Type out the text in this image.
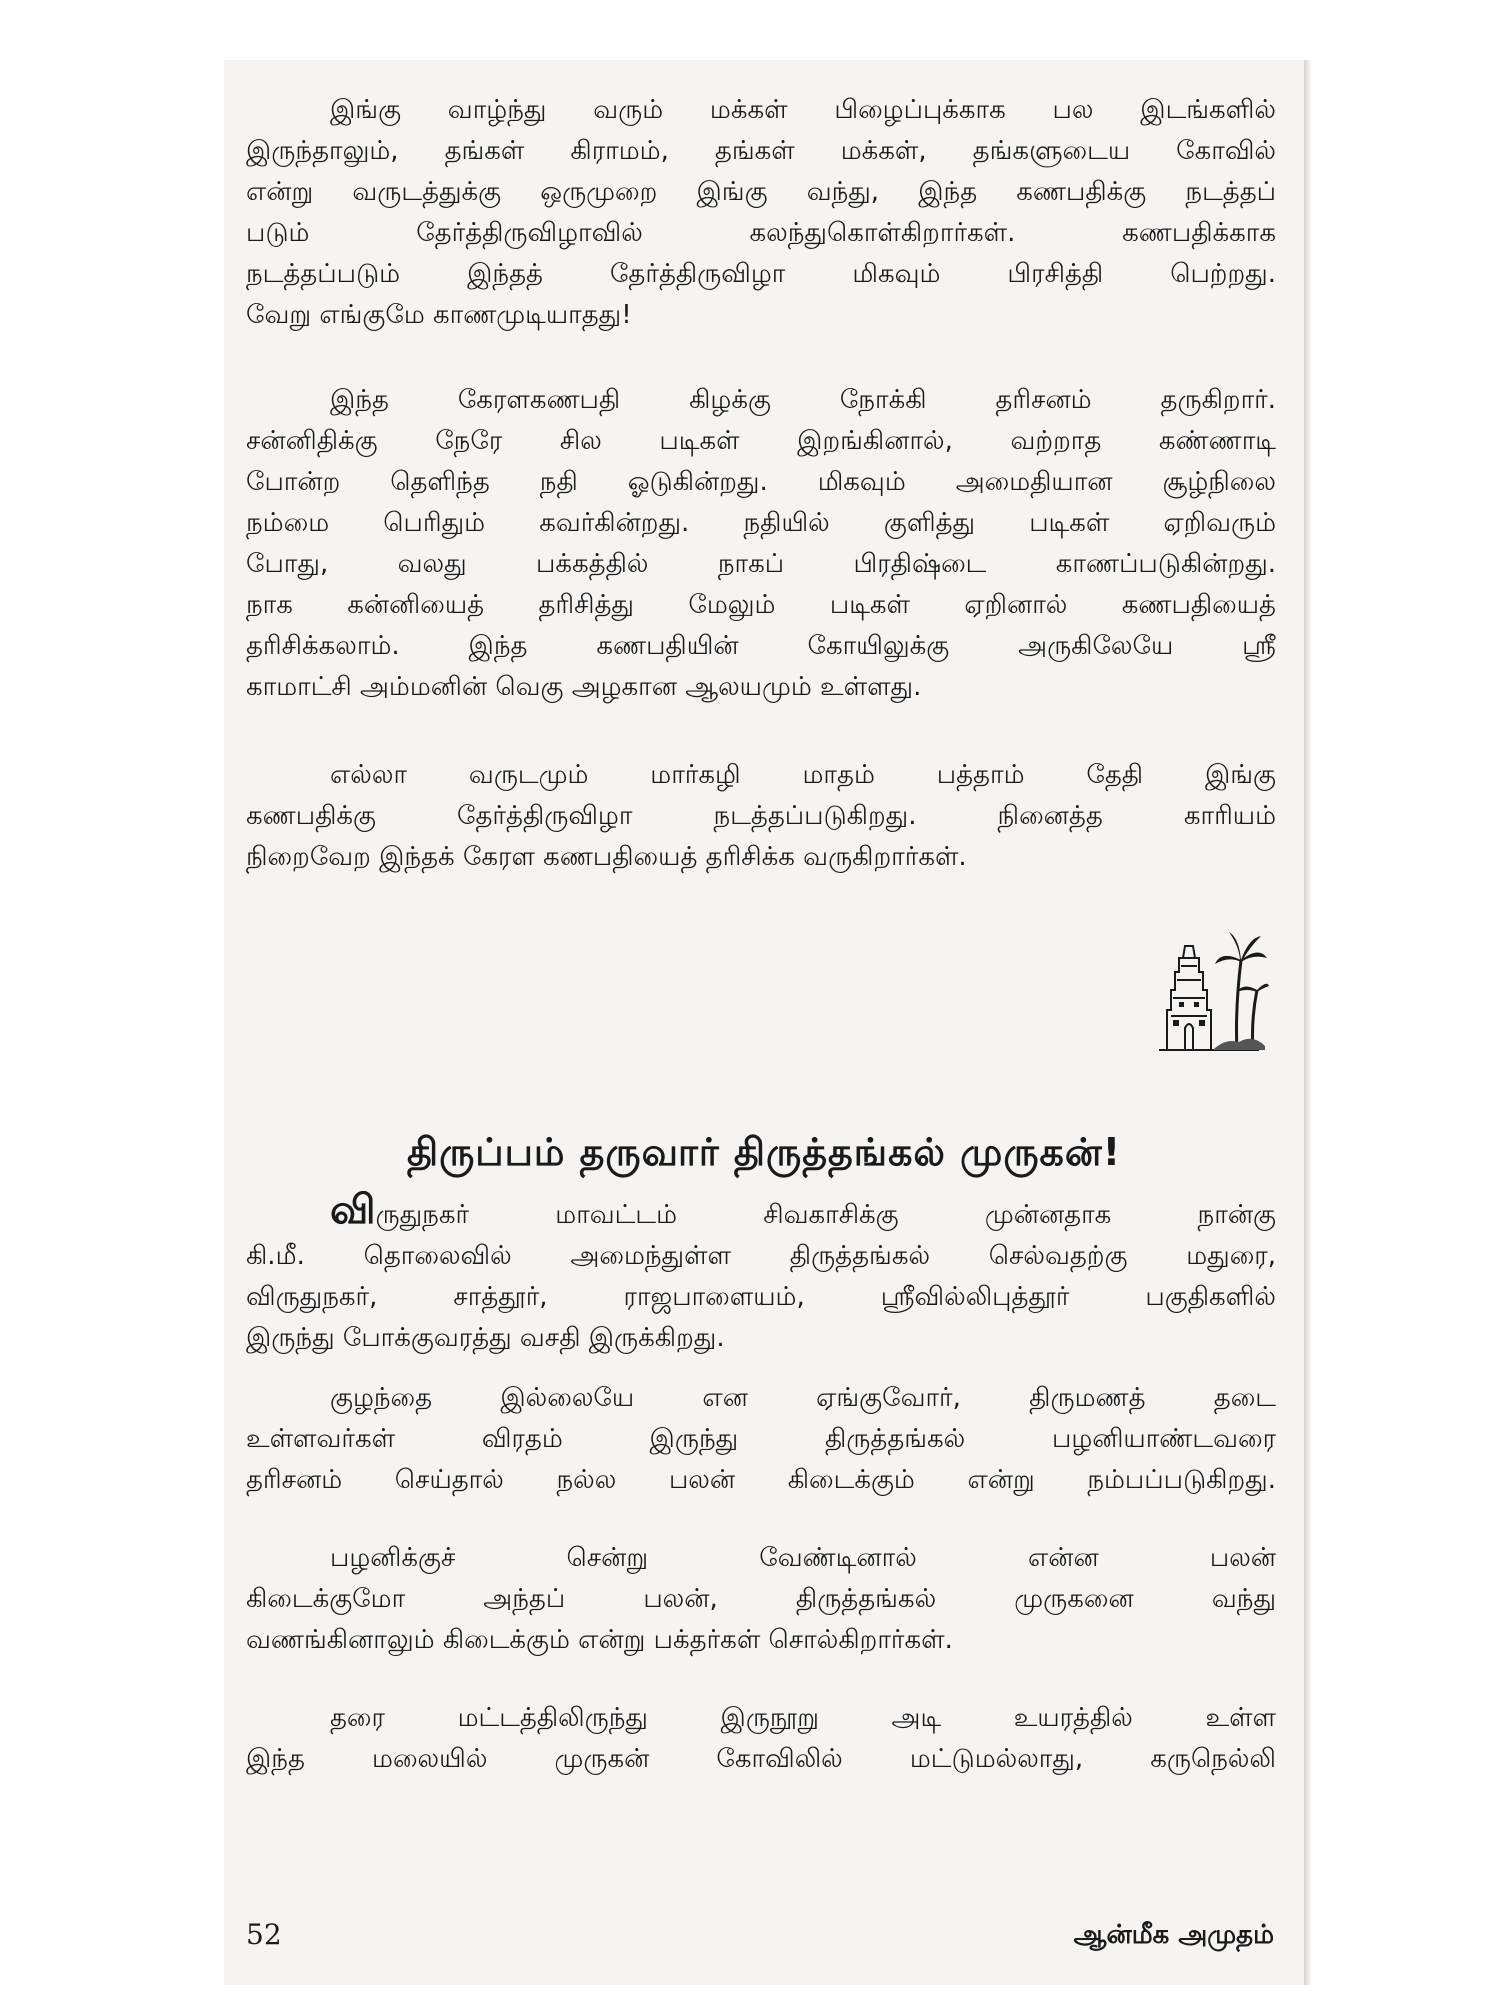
இங்கு வாழ்ந்து வரும் மக்கள் பிழைப்புக்காக பல இடங்களில்
இருந்தாலும், தங்கள் கிராமம், தங்கள் மக்கள், தங்களுடைய கோவில்
என்று வருடத்துக்கு ஒருமுறை இங்கு வந்து, இந்த கணபதிக்கு நடத்தப்
படும் தேர்த்திருவிழாவில் கலந்துகொள்கிறார்கள். கணபதிக்காக
நடத்தப்படும் இந்தத் தேர்த்திருவிழா மிகவும் பிரசித்தி பெற்றது.
வேறு எங்குமே காணமுடியாதது!

இந்த கேரளகணபதி கிழக்கு நோக்கி தரிசனம் தருகிறார்.
சன்னிதிக்கு நேரே சில படிகள் இறங்கினால், வற்றாத கண்ணாடி
போன்ற தெளிந்த நதி ஓடுகின்றது. மிகவும் அமைதியான சூழ்நிலை
நம்மை பெரிதும் கவர்கின்றது. நதியில் குளித்து படிகள் ஏறிவரும்
போது, வலது பக்கத்தில் நாகப் பிரதிஷ்டை காணப்படுகின்றது.
நாக கன்னியைத் தரிசித்து மேலும் படிகள் ஏறினால் கணபதியைத்
தரிசிக்கலாம். இந்த கணபதியின் கோயிலுக்கு அருகிலேயே ஸ்ரீ
காமாட்சி அம்மனின் வெகு அழகான ஆலயமும் உள்ளது.

எல்லா வருடமும் மார்கழி மாதம் பத்தாம் தேதி இங்கு
கணபதிக்கு தேர்த்திருவிழா நடத்தப்படுகிறது. நினைத்த காரியம்
நிறைவேற இந்தக் கேரள கணபதியைத் தரிசிக்க வருகிறார்கள்.

திருப்பம் தருவார் திருத்தங்கல் முருகன்!

விருதுநகர் மாவட்டம் சிவகாசிக்கு முன்னதாக நான்கு
கி.மீ. தொலைவில் அமைந்துள்ள திருத்தங்கல் செல்வதற்கு மதுரை,
விருதுநகர், சாத்தூர், ராஜபாளையம், ஸ்ரீவில்லிபுத்தூர் பகுதிகளில்
இருந்து போக்குவரத்து வசதி இருக்கிறது.

குழந்தை இல்லையே என ஏங்குவோர், திருமணத் தடை
உள்ளவர்கள் விரதம் இருந்து திருத்தங்கல் பழனியாண்டவரை
தரிசனம் செய்தால் நல்ல பலன் கிடைக்கும் என்று நம்பப்படுகிறது.

பழனிக்குச் சென்று வேண்டினால் என்ன பலன்
கிடைக்குமோ அந்தப் பலன், திருத்தங்கல் முருகனை வந்து
வணங்கினாலும் கிடைக்கும் என்று பக்தர்கள் சொல்கிறார்கள்.

தரை மட்டத்திலிருந்து இருநூறு அடி உயரத்தில் உள்ள
இந்த மலையில் முருகன் கோவிலில் மட்டுமல்லாது, கருநெல்லி

52	ஆன்மீக அமுதம்
